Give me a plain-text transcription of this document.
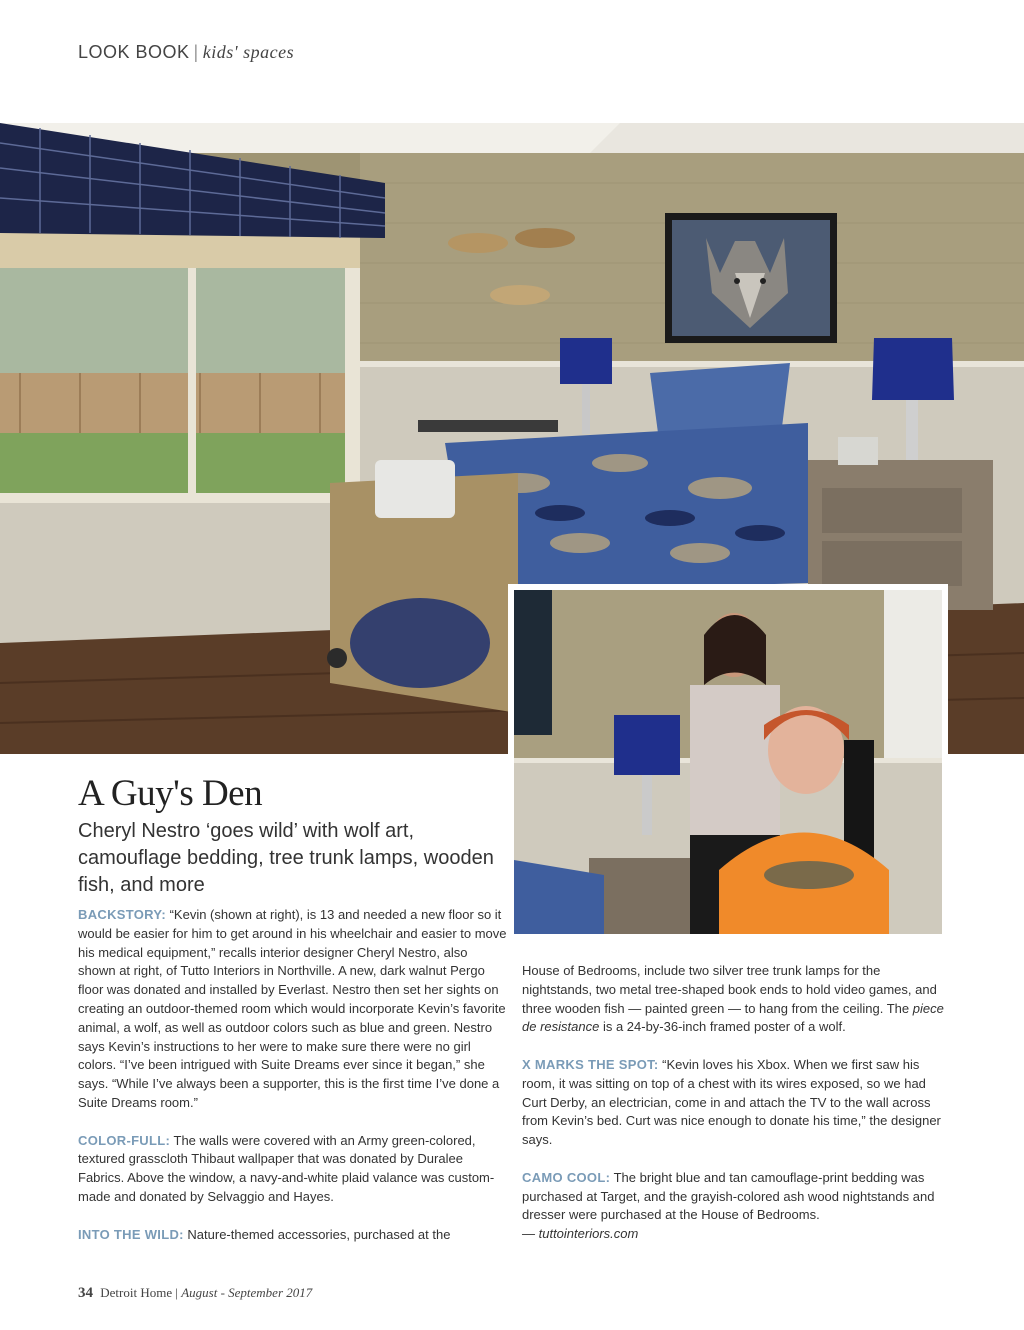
LOOK BOOK | kids' spaces
A Guy's Den
Cheryl Nestro ‘goes wild’ with wolf art, camouflage bedding, tree trunk lamps, wooden fish, and more

BACKSTORY: “Kevin (shown at right), is 13 and needed a new floor so it would be easier for him to get around in his wheelchair and easier to move his medical equipment,” recalls interior designer Cheryl Nestro, also shown at right, of Tutto Interiors in Northville. A new, dark walnut Pergo floor was donated and installed by Everlast. Nestro then set her sights on creating an outdoor-themed room which would incorporate Kevin’s favorite animal, a wolf, as well as outdoor colors such as blue and green. Nestro says Kevin’s instructions to her were to make sure there were no girl colors. “I’ve been intrigued with Suite Dreams ever since it began,” she says. “While I’ve always been a supporter, this is the first time I’ve done a Suite Dreams room.”

COLOR-FULL: The walls were covered with an Army green-colored, textured grasscloth Thibaut wallpaper that was donated by Duralee Fabrics. Above the window, a navy-and-white plaid valance was custom-made and donated by Selvaggio and Hayes.

INTO THE WILD: Nature-themed accessories, purchased at the

House of Bedrooms, include two silver tree trunk lamps for the nightstands, two metal tree-shaped book ends to hold video games, and three wooden fish — painted green — to hang from the ceiling. The piece de resistance is a 24-by-36-inch framed poster of a wolf.

X MARKS THE SPOT: “Kevin loves his Xbox. When we first saw his room, it was sitting on top of a chest with its wires exposed, so we had Curt Derby, an electrician, come in and attach the TV to the wall across from Kevin’s bed. Curt was nice enough to donate his time,” the designer says.

CAMO COOL: The bright blue and tan camouflage-print bedding was purchased at Target, and the grayish-colored ash wood nightstands and dresser were purchased at the House of Bedrooms.
— tuttointeriors.com

34 Detroit Home | August - September 2017
